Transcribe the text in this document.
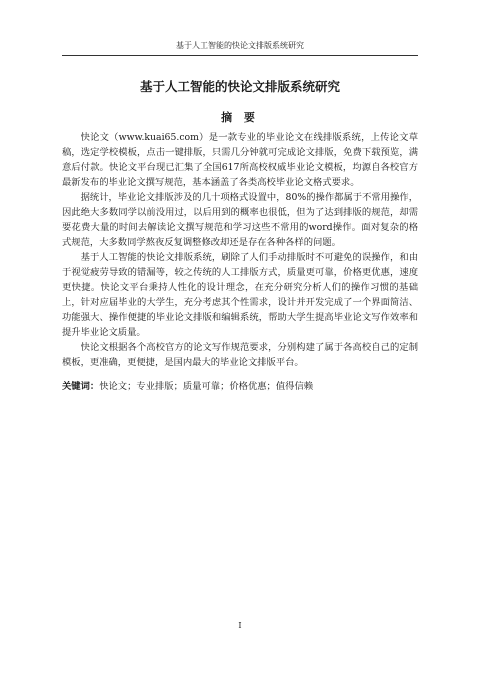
基于人工智能的快论文排版系统研究
基于人工智能的快论文排版系统研究
摘 要

快论文（www.kuai65.com）是一款专业的毕业论文在线排版系统，上传论文草稿，选定学校模板，点击一键排版，只需几分钟就可完成论文排版，免费下载预览，满意后付款。快论文平台现已汇集了全国617所高校权威毕业论文模板，均源自各校官方最新发布的毕业论文撰写规范，基本涵盖了各类高校毕业论文格式要求。

据统计，毕业论文排版涉及的几十项格式设置中，80%的操作都属于不常用操作，因此绝大多数同学以前没用过，以后用到的概率也很低，但为了达到排版的规范，却需要花费大量的时间去解读论文撰写规范和学习这些不常用的word操作。面对复杂的格式规范，大多数同学熬夜反复调整修改却还是存在各种各样的问题。

基于人工智能的快论文排版系统，刷除了人们手动排版时不可避免的误操作，和由于视觉疲劳导致的错漏等，较之传统的人工排版方式，质量更可靠，价格更优惠，速度更快捷。快论文平台秉持人性化的设计理念，在充分研究分析人们的操作习惯的基础上，针对应届毕业的大学生，充分考虑其个性需求，设计并开发完成了一个界面简洁、功能强大、操作便捷的毕业论文排版和编辑系统，帮助大学生提高毕业论文写作效率和提升毕业论文质量。

快论文根据各个高校官方的论文写作规范要求，分别构建了属于各高校自己的定制模板，更准确，更便捷，是国内最大的毕业论文排版平台。

关键词：快论文；专业排版；质量可靠；价格优惠；值得信赖

I
